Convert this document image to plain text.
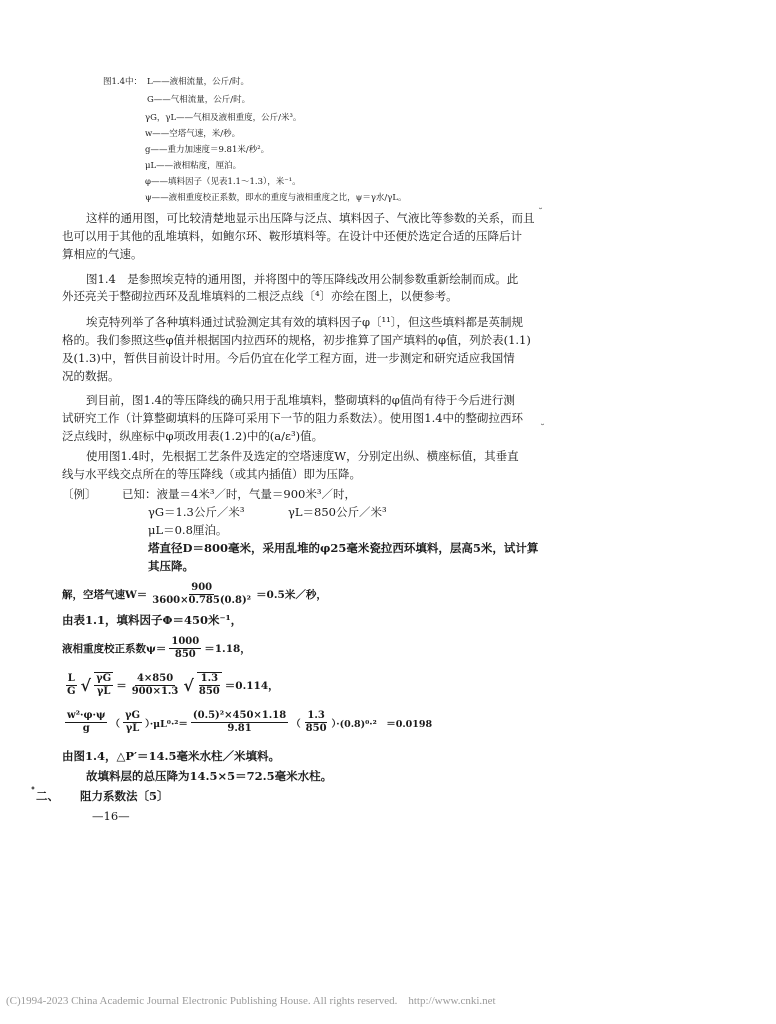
图1.4中： L——液相流量，公斤/时。
G——气相流量，公斤/时。
γG，γL——气相及液相重度，公斤/米³。
w——空塔气速，米/秒。
g——重力加速度＝9.81米/秒²。
μL——液相粘度，厘泊。
φ——填料因子（见表1.1～1.3），米⁻¹。
ψ——液相重度校正系数，即水的重度与液相重度之比，ψ＝γ水/γL。
这样的通用图，可比较清楚地显示出压降与泛点、填料因子、气液比等参数的关系，而且
也可以用于其他的乱堆填料，如鲍尔环、鞍形填料等。在设计中还便於选定合适的压降后计
算相应的气速。
图1.4　是参照埃克特的通用图，并将图中的等压降线改用公制参数重新绘制而成。此
外还亮关于整砌拉西环及乱堆填料的二根泛点线〔⁴〕亦绘在图上，以便参考。
埃克特列举了各种填料通过试验测定其有效的填料因子φ〔¹¹〕，但这些填料都是英制规
格的。我们参照这些φ值并根据国内拉西环的规格，初步推算了国产填料的φ值，列於表(1.1)
及(1.3)中，暂供目前设计时用。今后仍宜在化学工程方面，进一步测定和研究适应我国情
况的数据。
到目前，图1.4的等压降线的确只用于乱堆填料，整砌填料的φ值尚有待于今后进行测
试研究工作（计算整砌填料的压降可采用下一节的阻力系数法）。使用图1.4中的整砌拉西环
泛点线时，纵座标中φ项改用表(1.2)中的(a/ε³)值。
使用图1.4时，先根据工艺条件及选定的空塔速度W，分别定出纵、横座标值，其垂直
线与水平线交点所在的等压降线（或其内插值）即为压降。
〔例〕 已知：液量＝4米³／时，气量＝900米³／时，
γG＝1.3公斤／米³	γL＝850公斤／米³
μL＝0.8厘泊。
塔直径D＝800毫米，采用乱堆的φ25毫米瓷拉西环填料，层高5米，试计算
其压降。
解，空塔气速$W= \frac{900}{\text{3600×0.785(0.8)²}} =0.5$米／秒，
由表1.1，填料因子Φ＝450米⁻¹，
液相重度校正系数$\psi= \frac{1000}{850} =1.18$，
$\frac{L}{G}$ √ $\frac{\gamma G}{\gamma L} = \frac{4\times 850}{900\times 1.3}$ √ $\frac{1.3}{850} =0.114$，
$\frac{\text{w²·φ·ψ}}{g}$ （ $\frac{\gamma G}{\gamma L} )\cdot\mu L^0\cdot^2= \frac{\text{(0.5)²×450×1.18}}{9.81}$ （ $\frac{1.3}{850} )\cdot(0.8)^0\cdot^2$　＝0.0198
由图1.4，△P′＝14.5毫米水柱／米填料。
故填料层的总压降为14.5×5＝72.5毫米水柱。
二、 阻力系数法〔5〕
—16—
˘
˘
•
(C)1994-2023 China Academic Journal Electronic Publishing House. All rights reserved.　http://www.cnki.net
